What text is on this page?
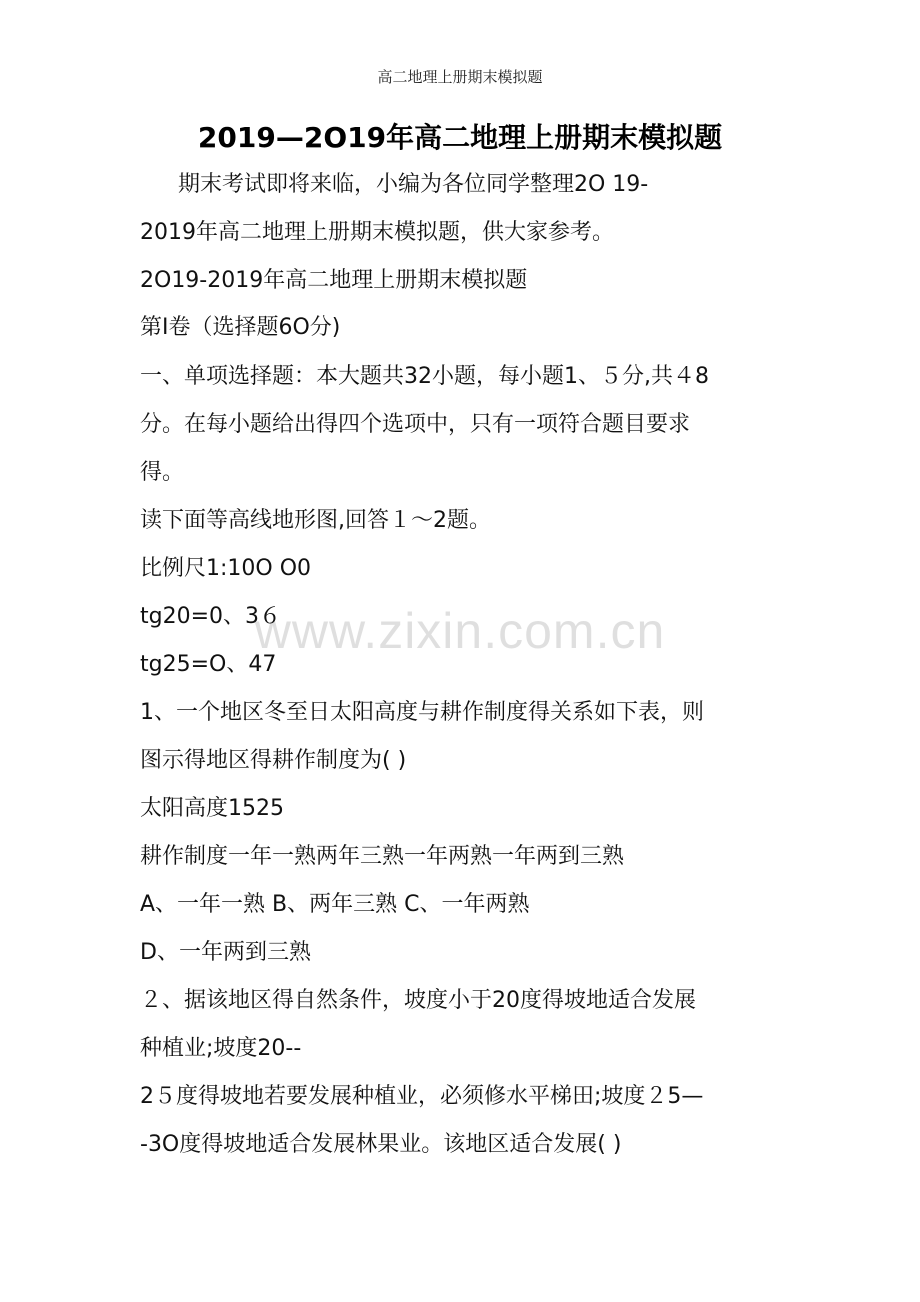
高二地理上册期末模拟题
2019—2O19年高二地理上册期末模拟题
期末考试即将来临，小编为各位同学整理2O 19-
2019年高二地理上册期末模拟题，供大家参考。
2O19-2019年高二地理上册期末模拟题
第Ⅰ卷（选择题6O分)
一、单项选择题：本大题共32小题，每小题1、５分,共４8
分。在每小题给出得四个选项中，只有一项符合题目要求
得。
读下面等高线地形图,回答１～2题。
比例尺1:10O O0
tg20=0、3６
tg25=O、47
1、一个地区冬至日太阳高度与耕作制度得关系如下表，则
图示得地区得耕作制度为( )
太阳高度1525
耕作制度一年一熟两年三熟一年两熟一年两到三熟
A、一年一熟 B、两年三熟 C、一年两熟
D、一年两到三熟
２、据该地区得自然条件，坡度小于20度得坡地适合发展
种植业;坡度20--
2５度得坡地若要发展种植业，必须修水平梯田;坡度２5—
-3O度得坡地适合发展林果业。该地区适合发展( )
www.zixin.com.cn
